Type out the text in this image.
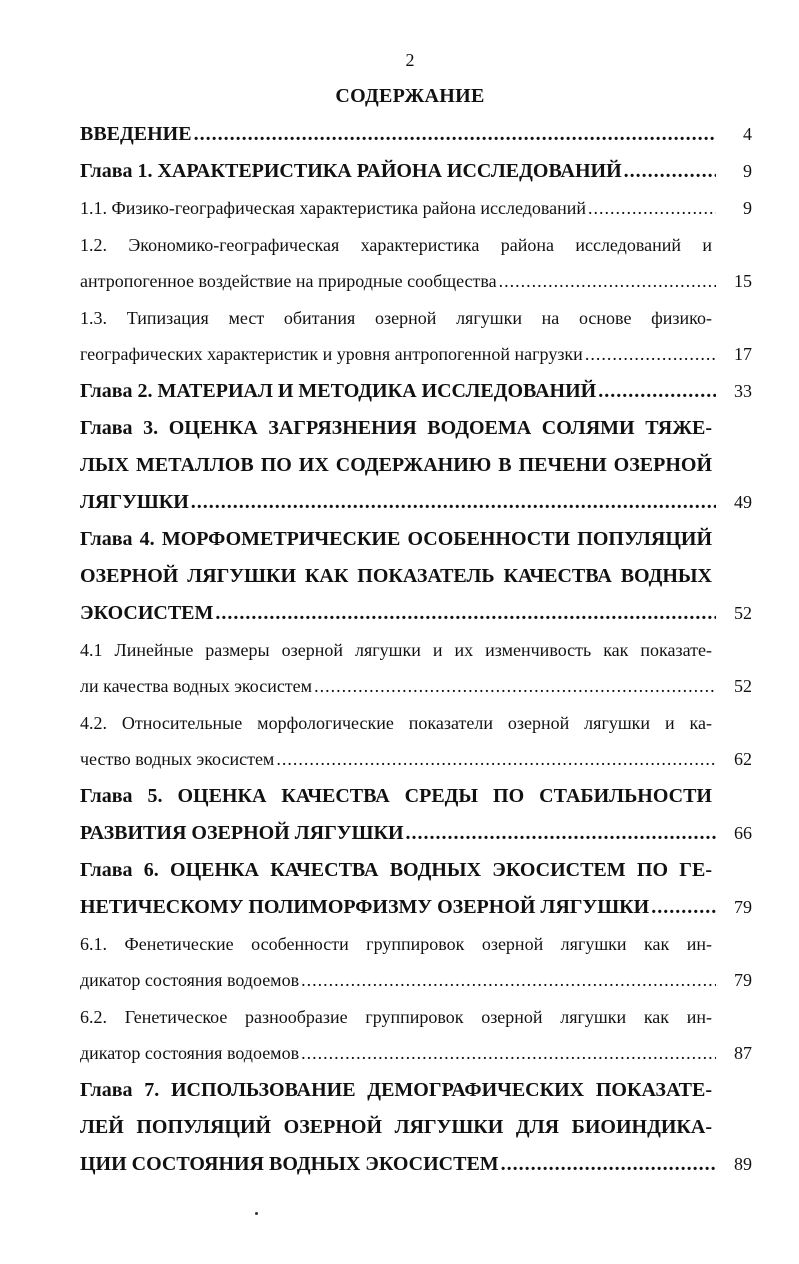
2
СОДЕРЖАНИЕ
ВВЕДЕНИЕ .....	4
Глава 1. ХАРАКТЕРИСТИКА РАЙОНА ИССЛЕДОВАНИЙ .....	9
1.1. Физико-географическая характеристика района исследований .....	9
1.2. Экономико-географическая характеристика района исследований и
антропогенное воздействие на природные сообщества .....	15
1.3. Типизация мест обитания озерной лягушки на основе физико-
географических характеристик и уровня антропогенной нагрузки .....	17
Глава 2. МАТЕРИАЛ И МЕТОДИКА ИССЛЕДОВАНИЙ .....	33
Глава 3. ОЦЕНКА ЗАГРЯЗНЕНИЯ ВОДОЕМА СОЛЯМИ ТЯЖЕ-
ЛЫХ МЕТАЛЛОВ ПО ИХ СОДЕРЖАНИЮ В ПЕЧЕНИ ОЗЕРНОЙ
ЛЯГУШКИ .....	49
Глава 4. МОРФОМЕТРИЧЕСКИЕ ОСОБЕННОСТИ ПОПУЛЯЦИЙ
ОЗЕРНОЙ ЛЯГУШКИ КАК ПОКАЗАТЕЛЬ КАЧЕСТВА ВОДНЫХ
ЭКОСИСТЕМ .....	52
4.1 Линейные размеры озерной лягушки и их изменчивость как показате-
ли качества водных экосистем .....	52
4.2. Относительные морфологические показатели озерной лягушки и ка-
чество водных экосистем .....	62
Глава 5. ОЦЕНКА КАЧЕСТВА СРЕДЫ ПО СТАБИЛЬНОСТИ
РАЗВИТИЯ ОЗЕРНОЙ ЛЯГУШКИ .....	66
Глава 6. ОЦЕНКА КАЧЕСТВА ВОДНЫХ ЭКОСИСТЕМ ПО ГЕ-
НЕТИЧЕСКОМУ ПОЛИМОРФИЗМУ ОЗЕРНОЙ ЛЯГУШКИ .....	79
6.1. Фенетические особенности группировок озерной лягушки как ин-
дикатор состояния водоемов .....	79
6.2. Генетическое разнообразие группировок озерной лягушки как ин-
дикатор состояния водоемов .....	87
Глава 7. ИСПОЛЬЗОВАНИЕ ДЕМОГРАФИЧЕСКИХ ПОКАЗАТЕ-
ЛЕЙ ПОПУЛЯЦИЙ ОЗЕРНОЙ ЛЯГУШКИ ДЛЯ БИОИНДИКА-
ЦИИ СОСТОЯНИЯ ВОДНЫХ ЭКОСИСТЕМ .....	89
